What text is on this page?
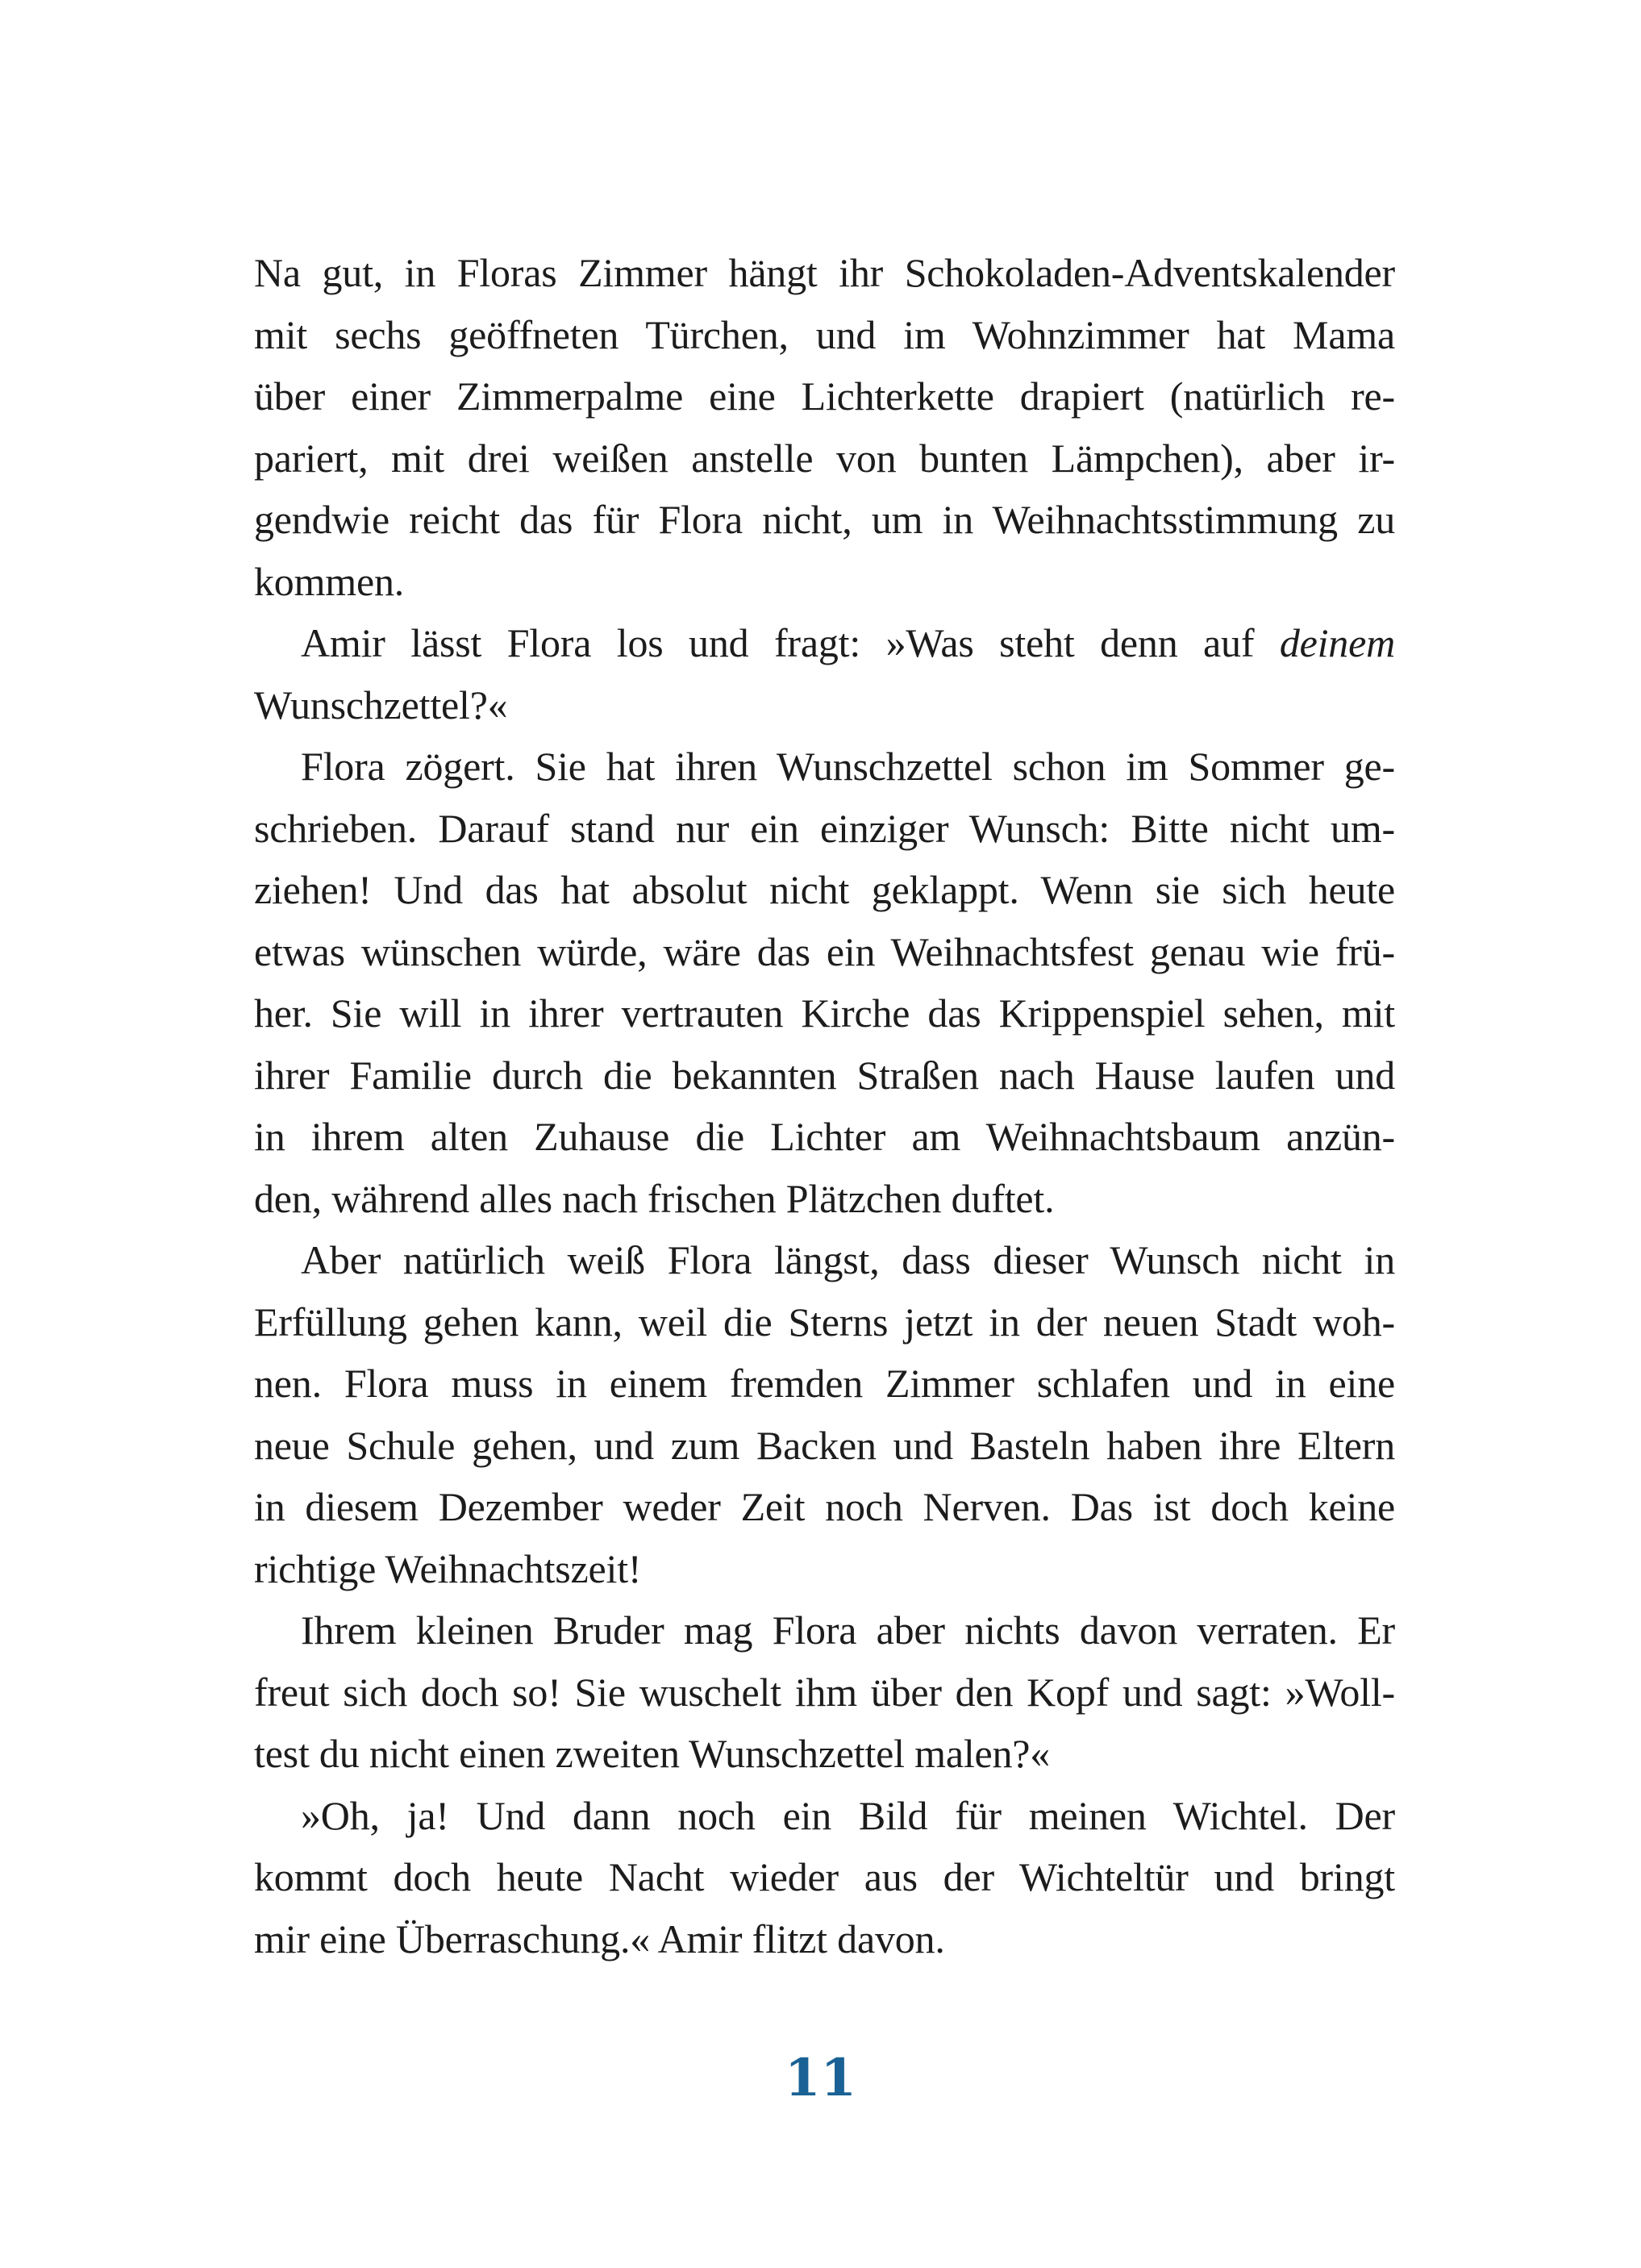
Na gut, in Floras Zimmer hängt ihr Schokoladen-Adventskalender
mit sechs geöffneten Türchen, und im Wohnzimmer hat Mama
über einer Zimmerpalme eine Lichterkette drapiert (natürlich re-
pariert, mit drei weißen anstelle von bunten Lämpchen), aber ir-
gendwie reicht das für Flora nicht, um in Weihnachtsstimmung zu
kommen.
Amir lässt Flora los und fragt: »Was steht denn auf deinem
Wunschzettel?«
Flora zögert. Sie hat ihren Wunschzettel schon im Sommer ge-
schrieben. Darauf stand nur ein einziger Wunsch: Bitte nicht um-
ziehen! Und das hat absolut nicht geklappt. Wenn sie sich heute
etwas wünschen würde, wäre das ein Weihnachtsfest genau wie frü-
her. Sie will in ihrer vertrauten Kirche das Krippenspiel sehen, mit
ihrer Familie durch die bekannten Straßen nach Hause laufen und
in ihrem alten Zuhause die Lichter am Weihnachtsbaum anzün-
den, während alles nach frischen Plätzchen duftet.
Aber natürlich weiß Flora längst, dass dieser Wunsch nicht in
Erfüllung gehen kann, weil die Sterns jetzt in der neuen Stadt woh-
nen. Flora muss in einem fremden Zimmer schlafen und in eine
neue Schule gehen, und zum Backen und Basteln haben ihre Eltern
in diesem Dezember weder Zeit noch Nerven. Das ist doch keine
richtige Weihnachtszeit!
Ihrem kleinen Bruder mag Flora aber nichts davon verraten. Er
freut sich doch so! Sie wuschelt ihm über den Kopf und sagt: »Woll-
test du nicht einen zweiten Wunschzettel malen?«
»Oh, ja! Und dann noch ein Bild für meinen Wichtel. Der
kommt doch heute Nacht wieder aus der Wichteltür und bringt
mir eine Überraschung.« Amir flitzt davon.
11
